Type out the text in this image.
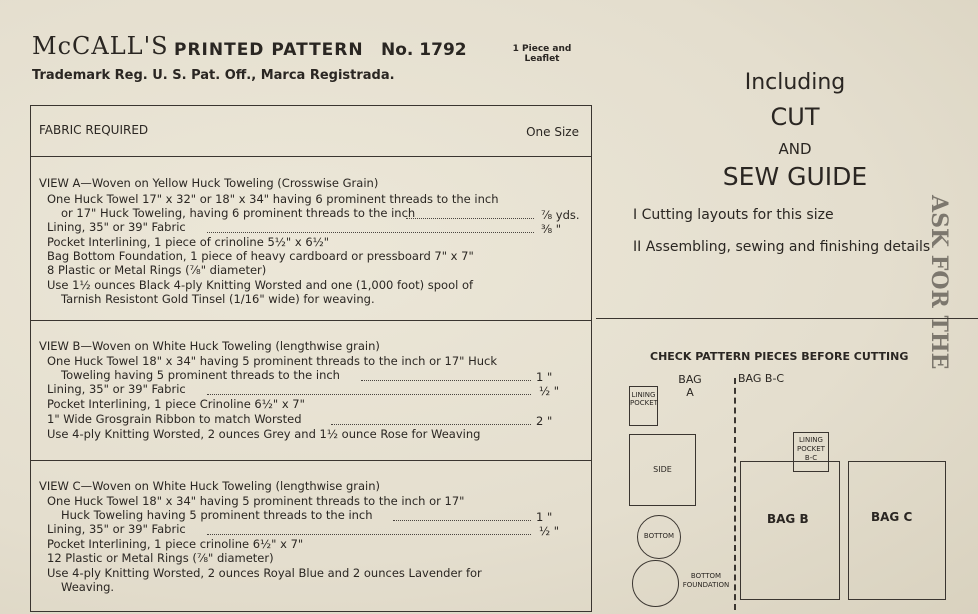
McCALL'S PRINTED PATTERN No. 1792	1 Piece and
Leaflet
Trademark Reg. U. S. Pat. Off., Marca Registrada.
FABRIC REQUIRED	One Size
VIEW A—Woven on Yellow Huck Toweling (Crosswise Grain)
One Huck Towel 17" x 32" or 18" x 34" having 6 prominent threads to the inch
or 17" Huck Toweling, having 6 prominent threads to the inch	⅞ yds.
Lining, 35" or 39" Fabric	⅜ "
Pocket Interlining, 1 piece of crinoline 5½" x 6½"
Bag Bottom Foundation, 1 piece of heavy cardboard or pressboard 7" x 7"
8 Plastic or Metal Rings (⅞" diameter)
Use 1½ ounces Black 4-ply Knitting Worsted and one (1,000 foot) spool of
Tarnish Resistont Gold Tinsel (1/16" wide) for weaving.
VIEW B—Woven on White Huck Toweling (lengthwise grain)
One Huck Towel 18" x 34" having 5 prominent threads to the inch or 17" Huck
Toweling having 5 prominent threads to the inch	1 "
Lining, 35" or 39" Fabric	½ "
Pocket Interlining, 1 piece Crinoline 6½" x 7"
1" Wide Grosgrain Ribbon to match Worsted	2 "
Use 4-ply Knitting Worsted, 2 ounces Grey and 1½ ounce Rose for Weaving
VIEW C—Woven on White Huck Toweling (lengthwise grain)
One Huck Towel 18" x 34" having 5 prominent threads to the inch or 17"
Huck Toweling having 5 prominent threads to the inch	1 "
Lining, 35" or 39" Fabric	½ "
Pocket Interlining, 1 piece crinoline 6½" x 7"
12 Plastic or Metal Rings (⅞" diameter)
Use 4-ply Knitting Worsted, 2 ounces Royal Blue and 2 ounces Lavender for
Weaving.
Including
CUT
AND
SEW GUIDE
I Cutting layouts for this size
II Assembling, sewing and finishing details
ASK FOR THE
CHECK PATTERN PIECES BEFORE CUTTING
BAG
A
LINING POCKET
SIDE
BOTTOM
BOTTOM FOUNDATION
BAG B-C
LINING POCKET B-C
BAG B	BAG C
